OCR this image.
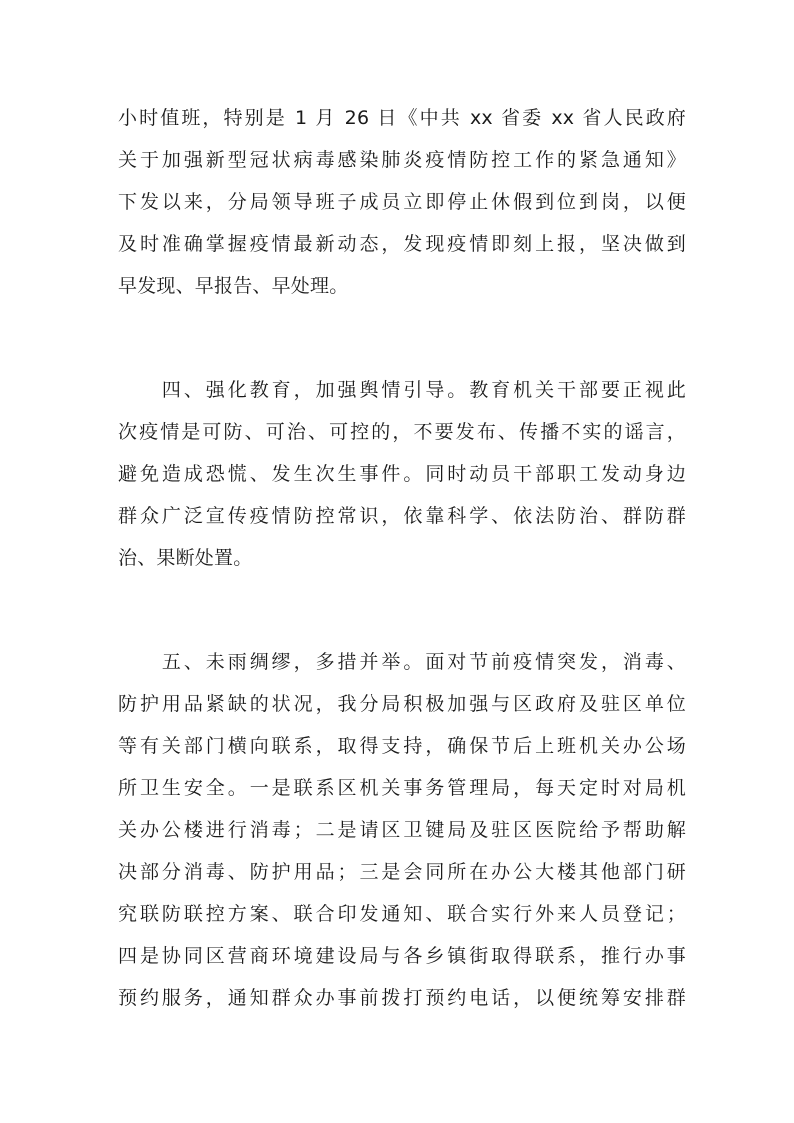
小时值班，特别是 1 月 26 日《中共 xx 省委 xx 省人民政府
关于加强新型冠状病毒感染肺炎疫情防控工作的紧急通知》
下发以来，分局领导班子成员立即停止休假到位到岗，以便
及时准确掌握疫情最新动态，发现疫情即刻上报，坚决做到
早发现、早报告、早处理。
　　四、强化教育，加强舆情引导。教育机关干部要正视此
次疫情是可防、可治、可控的，不要发布、传播不实的谣言，
避免造成恐慌、发生次生事件。同时动员干部职工发动身边
群众广泛宣传疫情防控常识，依靠科学、依法防治、群防群
治、果断处置。
　　五、未雨绸缪，多措并举。面对节前疫情突发，消毒、
防护用品紧缺的状况，我分局积极加强与区政府及驻区单位
等有关部门横向联系，取得支持，确保节后上班机关办公场
所卫生安全。一是联系区机关事务管理局，每天定时对局机
关办公楼进行消毒；二是请区卫键局及驻区医院给予帮助解
决部分消毒、防护用品；三是会同所在办公大楼其他部门研
究联防联控方案、联合印发通知、联合实行外来人员登记；
四是协同区营商环境建设局与各乡镇街取得联系，推行办事
预约服务，通知群众办事前拨打预约电话，以便统筹安排群
